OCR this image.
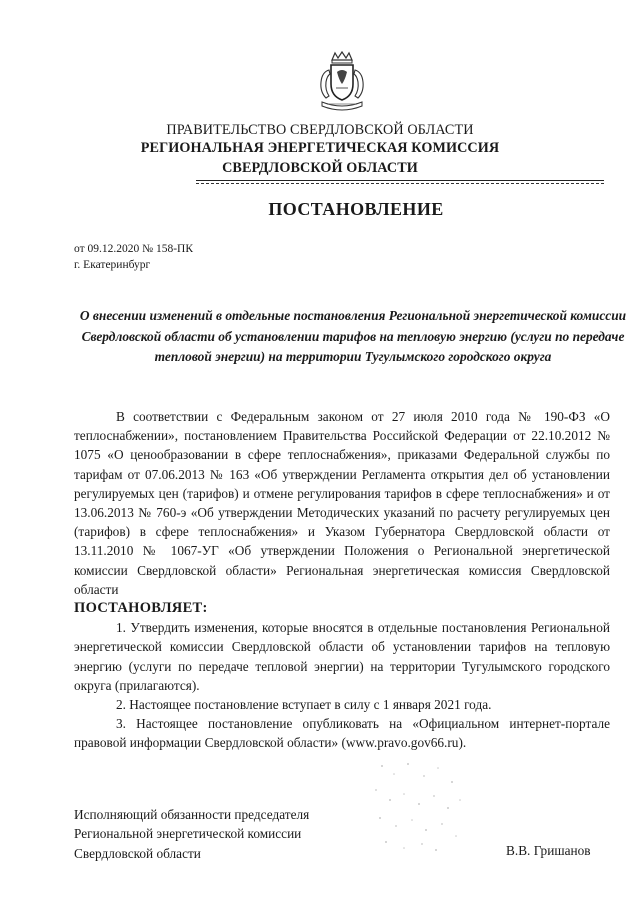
ПРАВИТЕЛЬСТВО СВЕРДЛОВСКОЙ ОБЛАСТИ
РЕГИОНАЛЬНАЯ ЭНЕРГЕТИЧЕСКАЯ КОМИССИЯ
СВЕРДЛОВСКОЙ ОБЛАСТИ
ПОСТАНОВЛЕНИЕ
от 09.12.2020 № 158-ПК
г. Екатеринбург
О внесении изменений в отдельные постановления Региональной энергетической комиссии Свердловской области об установлении тарифов на тепловую энергию (услуги по передаче тепловой энергии) на территории Тугулымского городского округа

В соответствии с Федеральным законом от 27 июля 2010 года № 190-ФЗ «О теплоснабжении», постановлением Правительства Российской Федерации от 22.10.2012 № 1075 «О ценообразовании в сфере теплоснабжения», приказами Федеральной службы по тарифам от 07.06.2013 № 163 «Об утверждении Регламента открытия дел об установлении регулируемых цен (тарифов) и отмене регулирования тарифов в сфере теплоснабжения» и от 13.06.2013 № 760-э «Об утверждении Методических указаний по расчету регулируемых цен (тарифов) в сфере теплоснабжения» и Указом Губернатора Свердловской области от 13.11.2010 № 1067-УГ «Об утверждении Положения о Региональной энергетической комиссии Свердловской области» Региональная энергетическая комиссия Свердловской области

ПОСТАНОВЛЯЕТ:

1. Утвердить изменения, которые вносятся в отдельные постановления Региональной энергетической комиссии Свердловской области об установлении тарифов на тепловую энергию (услуги по передаче тепловой энергии) на территории Тугулымского городского округа (прилагаются).

2. Настоящее постановление вступает в силу с 1 января 2021 года.

3. Настоящее постановление опубликовать на «Официальном интернет-портале правовой информации Свердловской области» (www.pravo.gov66.ru).

Исполняющий обязанности председателя
Региональной энергетической комиссии
Свердловской области	В.В. Гришанов
